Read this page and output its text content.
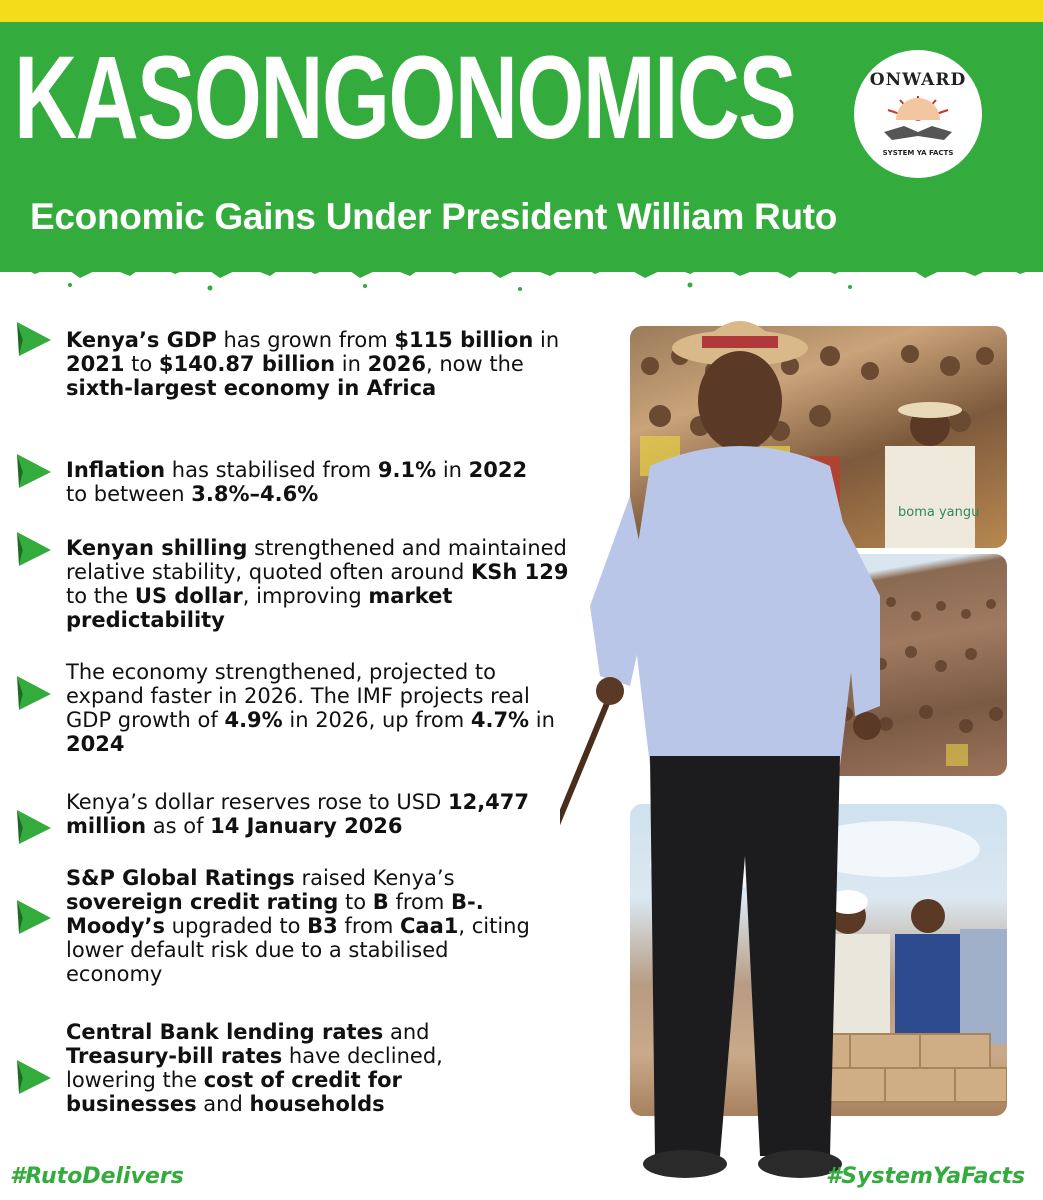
KASONGONOMICS
Economic Gains Under President William Ruto
ONWARD
SYSTEM YA FACTS
boma yangu
Kenya’s GDP has grown from $115 billion in 2021 to $140.87 billion in 2026, now the sixth-largest economy in Africa
Inflation has stabilised from 9.1% in 2022 to between 3.8%–4.6%
Kenyan shilling strengthened and maintained relative stability, quoted often around KSh 129 to the US dollar, improving market predictability
The economy strengthened, projected to expand faster in 2026. The IMF projects real GDP growth of 4.9% in 2026, up from 4.7% in 2024
Kenya’s dollar reserves rose to USD 12,477 million as of 14 January 2026
S&P Global Ratings raised Kenya’s sovereign credit rating to B from B-. Moody’s upgraded to B3 from Caa1, citing lower default risk due to a stabilised economy
Central Bank lending rates and Treasury-bill rates have declined, lowering the cost of credit for businesses and households
#RutoDelivers	#SystemYaFacts
